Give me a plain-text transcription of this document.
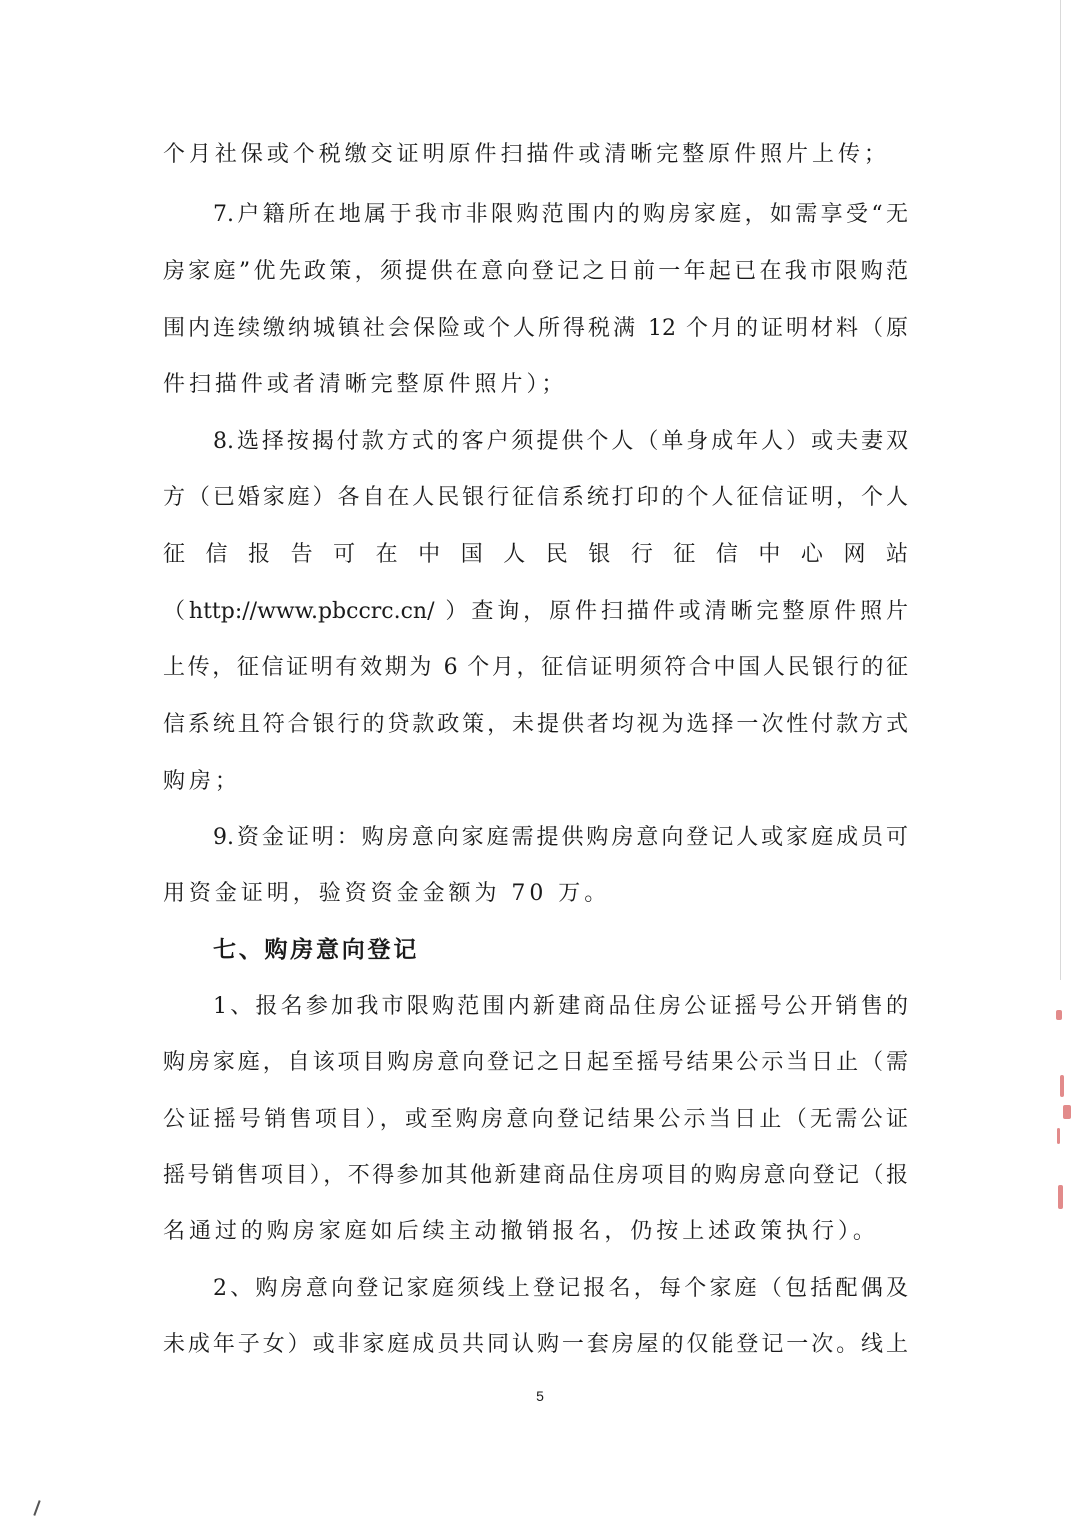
个月社保或个税缴交证明原件扫描件或清晰完整原件照片上传；
7.户籍所在地属于我市非限购范围内的购房家庭，如需享受“无
房家庭”优先政策，须提供在意向登记之日前一年起已在我市限购范
围内连续缴纳城镇社会保险或个人所得税满 12 个月的证明材料（原
件扫描件或者清晰完整原件照片）；
8.选择按揭付款方式的客户须提供个人（单身成年人）或夫妻双
方（已婚家庭）各自在人民银行征信系统打印的个人征信证明，个人
征 信 报 告 可 在 中 国 人 民 银 行 征 信 中 心 网 站
（http://www.pbccrc.cn/ ）查询，原件扫描件或清晰完整原件照片
上传，征信证明有效期为 6 个月，征信证明须符合中国人民银行的征
信系统且符合银行的贷款政策，未提供者均视为选择一次性付款方式
购房；
9.资金证明：购房意向家庭需提供购房意向登记人或家庭成员可
用资金证明，验资资金金额为 70 万。
七、购房意向登记
1、报名参加我市限购范围内新建商品住房公证摇号公开销售的
购房家庭，自该项目购房意向登记之日起至摇号结果公示当日止（需
公证摇号销售项目），或至购房意向登记结果公示当日止（无需公证
摇号销售项目），不得参加其他新建商品住房项目的购房意向登记（报
名通过的购房家庭如后续主动撤销报名，仍按上述政策执行）。
2、购房意向登记家庭须线上登记报名，每个家庭（包括配偶及
未成年子女）或非家庭成员共同认购一套房屋的仅能登记一次。线上
5
